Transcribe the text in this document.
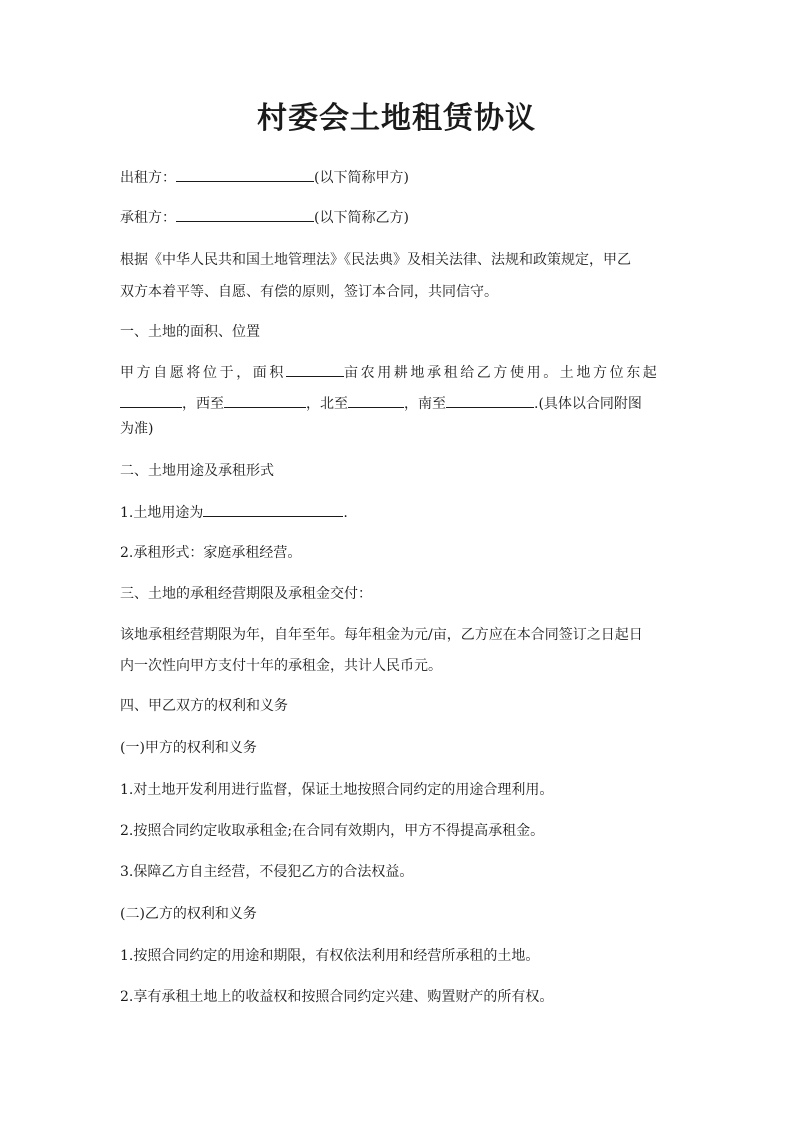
村委会土地租赁协议
出租方：	(以下简称甲方)
承租方：	(以下简称乙方)
根据《中华人民共和国土地管理法》《民法典》及相关法律、法规和政策规定，甲乙
双方本着平等、自愿、有偿的原则，签订本合同，共同信守。
一、土地的面积、位置
甲方自愿将位于，面积	亩农用耕地承租给乙方使用。土地方位东起
，西至	，北至	，南至	.(具体以合同附图
为准)
二、土地用途及承租形式
1.土地用途为	.
2.承租形式：家庭承租经营。
三、土地的承租经营期限及承租金交付：
该地承租经营期限为年，自年至年。每年租金为元/亩，乙方应在本合同签订之日起日
内一次性向甲方支付十年的承租金，共计人民币元。
四、甲乙双方的权利和义务
(一)甲方的权利和义务
1.对土地开发利用进行监督，保证土地按照合同约定的用途合理利用。
2.按照合同约定收取承租金;在合同有效期内，甲方不得提高承租金。
3.保障乙方自主经营，不侵犯乙方的合法权益。
(二)乙方的权利和义务
1.按照合同约定的用途和期限，有权依法利用和经营所承租的土地。
2.享有承租土地上的收益权和按照合同约定兴建、购置财产的所有权。
